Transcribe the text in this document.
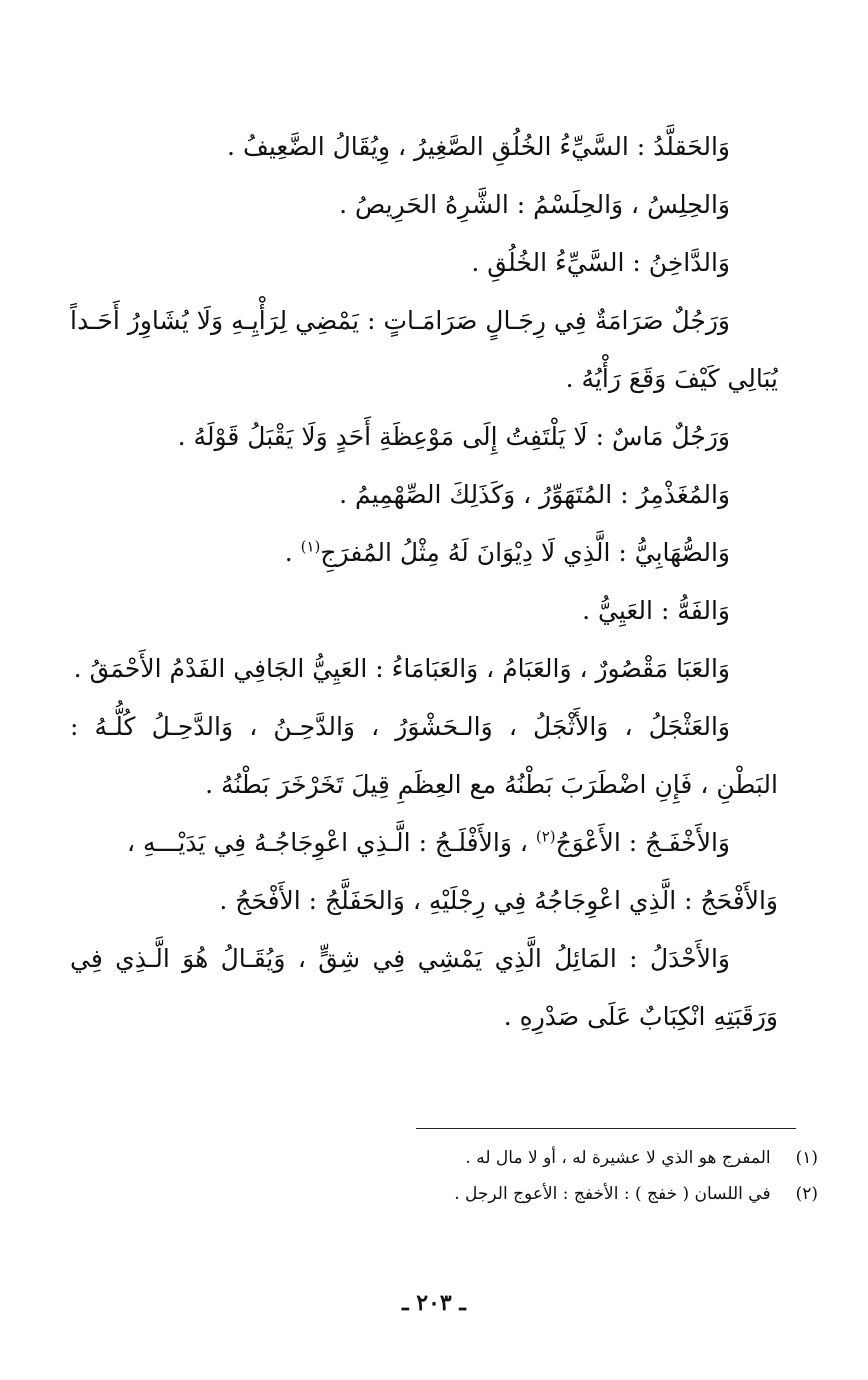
وَالحَقلَّدُ : السَّيِّءُ الخُلُقِ الصَّغِيرُ ، وِيُقَالُ الضَّعِيفُ .

وَالحِلِسُ ، وَالحِلَسْمُ : الشَّرِهُ الحَرِيصُ .

وَالدَّاخِنُ : السَّيِّءُ الخُلُقِ .

وَرَجُلٌ صَرَامَةٌ فِي رِجَـالٍ صَرَامَـاتٍ : يَمْضِي لِرَأْيِـهِ وَلَا يُشَاوِرُ أَحَـداً

يُبَالِي كَيْفَ وَقَعَ رَأْيُهُ .

وَرَجُلٌ مَاسٌ : لَا يَلْتَفِتُ إِلَى مَوْعِظَةِ أَحَدٍ وَلَا يَقْبَلُ قَوْلَهُ .

وَالمُغَذْمِرُ : المُتَهَوِّرُ ، وَكَذَلِكَ الصِّهْمِيمُ .

وَالصُّهَابِيُّ : الَّذِي لَا دِيْوَانَ لَهُ مِثْلُ المُفرَجِ$^{(١)}$ .

وَالفَهُّ : العَيِيُّ .

وَالعَبَا مَقْصُورٌ ، وَالعَبَامُ ، وَالعَبَامَاءُ : العَيِيُّ الجَافِي الفَدْمُ الأَحْمَقُ .

وَالعَثْجَلُ ، وَالأَثْجَلُ ، وَالـحَشْوَرُ ، وَالدَّحِـنُ ، وَالدَّحِـلُ كُلُّـهُ :

البَطْنِ ، فَإِنِ اضْطَرَبَ بَطْنُهُ مع العِظَمِ قِيلَ تَخَرْخَرَ بَطْنُهُ .

وَالأَخْفَـجُ : الأَعْوَجُ$^{(٢)}$ ، وَالأَفْلَـجُ : الَّـذِي اعْوِجَاجُـهُ فِي يَدَيْـــهِ ،

وَالأَفْحَجُ : الَّذِي اعْوِجَاجُهُ فِي رِجْلَيْهِ ، وَالحَفَلَّجُ : الأَفْحَجُ .

وَالأَحْدَلُ : المَائِلُ الَّذِي يَمْشِي فِي شِقٍّ ، وَيُقَـالُ هُوَ الَّـذِي فِي

وَرَقَبَتِهِ انْكِبَابٌ عَلَى صَدْرِهِ .

(١) المفرج هو الذي لا عشيرة له ، أو لا مال له .
(٢) في اللسان ( خفج ) : الأخفج : الأعوج الرجل .
ـ ٢٠٣ ـ
